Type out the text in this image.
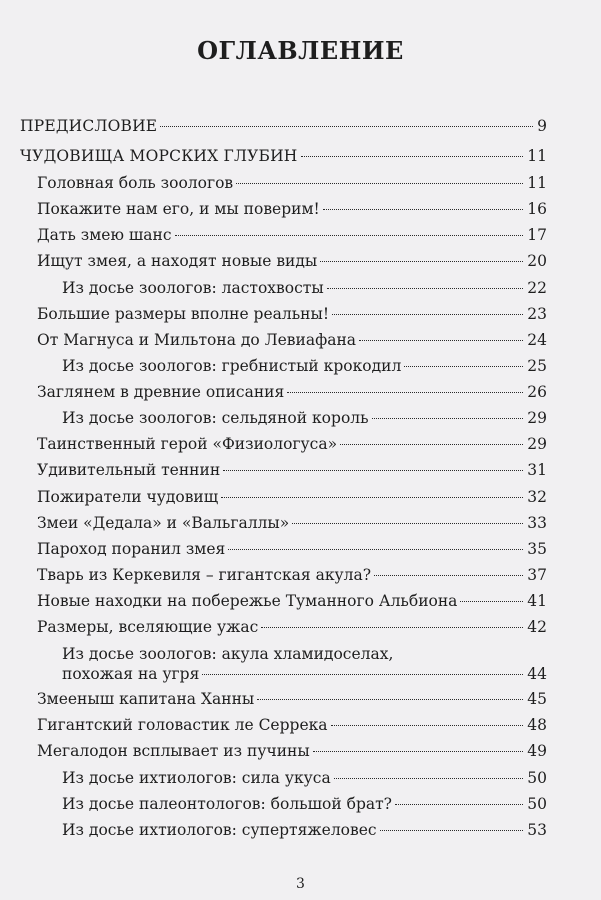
ОГЛАВЛЕНИЕ
ПРЕДИСЛОВИЕ	9
ЧУДОВИЩА МОРСКИХ ГЛУБИН	11
Головная боль зоологов	11
Покажите нам его, и мы поверим!	16
Дать змею шанс	17
Ищут змея, а находят новые виды	20
Из досье зоологов: ластохвосты	22
Большие размеры вполне реальны!	23
От Магнуса и Мильтона до Левиафана	24
Из досье зоологов: гребнистый крокодил	25
Заглянем в древние описания	26
Из досье зоологов: сельдяной король	29
Таинственный герой «Физиологуса»	29
Удивительный теннин	31
Пожиратели чудовищ	32
Змеи «Дедала» и «Вальгаллы»	33
Пароход поранил змея	35
Тварь из Керкевиля – гигантская акула?	37
Новые находки на побережье Туманного Альбиона	41
Размеры, вселяющие ужас	42
Из досье зоологов: акула хламидоселах,
похожая на угря	44
Змееныш капитана Ханны	45
Гигантский головастик ле Серрека	48
Мегалодон всплывает из пучины	49
Из досье ихтиологов: сила укуса	50
Из досье палеонтологов: большой брат?	50
Из досье ихтиологов: супертяжеловес	53
3
